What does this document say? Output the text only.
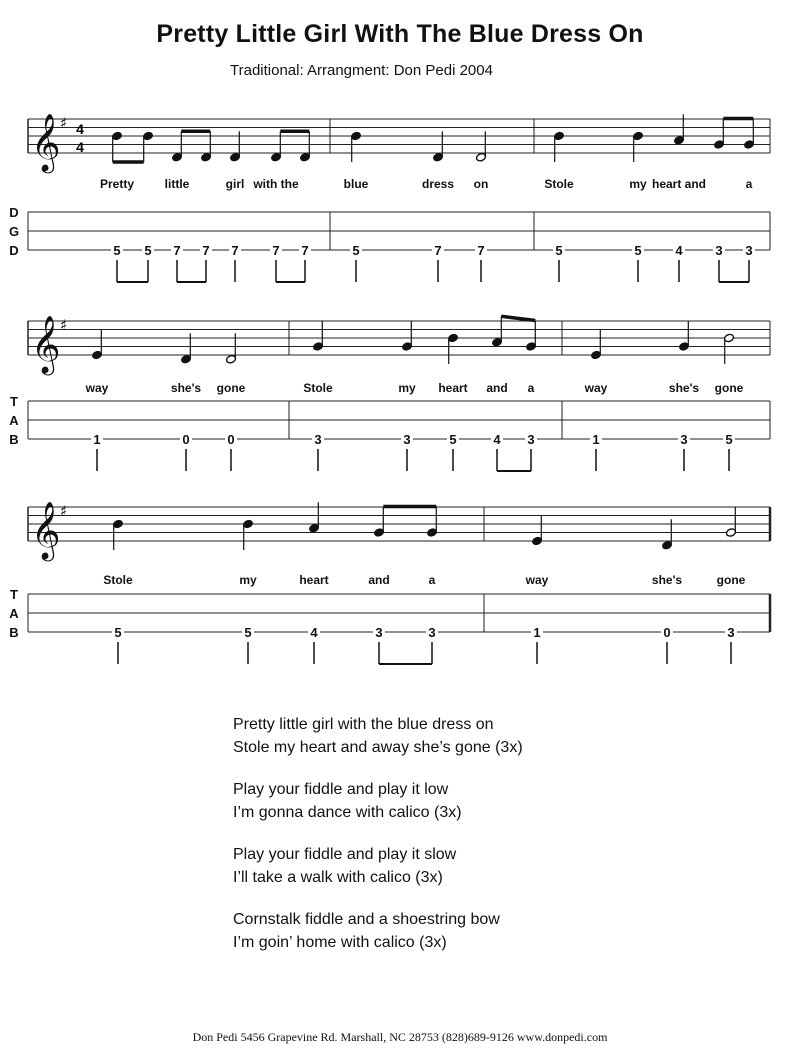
Pretty Little Girl With The Blue Dress On
Traditional: Arrangment: Don Pedi 2004
𝄞 ♯ 4
4
D
G
D
Pretty
5 5
little
7 7
girl
7
with the
7 7
blue
5
dress
7
on
7
Stole
5
my
5
heart and
4	3
a
3
𝄞 ♯
T
A
B
way
1
she's
0
gone
0
Stole
3
my
3
heart
5
and
4
a
3
way
1
she's
3
gone
5
𝄞 ♯
T
A
B
Stole
5
my
5
heart
4
and
3
a
3
way
1
she's
0
gone
3
Pretty little girl with the blue dress on
Stole my heart and away she’s gone (3x)
Play your fiddle and play it low
I’m gonna dance with calico (3x)
Play your fiddle and play it slow
I’ll take a walk with calico (3x)
Cornstalk fiddle and a shoestring bow
I’m goin’ home with calico (3x)
Don Pedi 5456 Grapevine Rd. Marshall, NC 28753 (828)689-9126 www.donpedi.com
